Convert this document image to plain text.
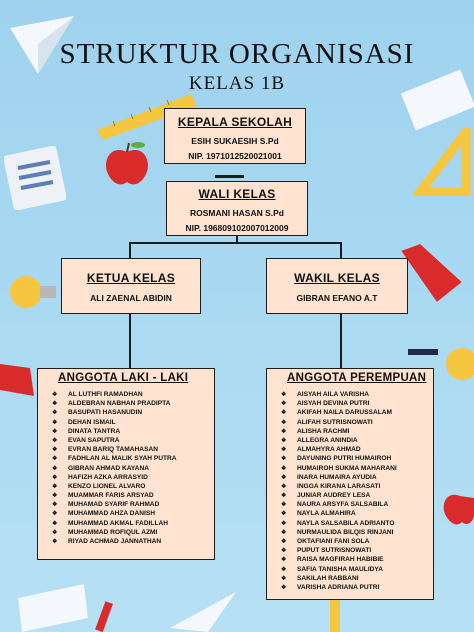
STRUKTUR ORGANISASI
KELAS 1B
KEPALA SEKOLAH
ESIH SUKAESIH S.Pd
NIP. 1971012520021001
WALI KELAS
ROSMANI HASAN S.Pd
NIP. 196809102007012009
KETUA KELAS
ALI ZAENAL ABIDIN
WAKIL KELAS
GIBRAN EFANO A.T
ANGGOTA LAKI - LAKI
❖ AL LUTHFI RAMADHAN
❖ ALDEBRAN NABHAN PRADIPTA
❖ BASUPATI HASANUDIN
❖ DEHAN ISMAIL
❖ DINATA TANTRA
❖ EVAN SAPUTRA
❖ EVRAN BARIQ TAMAHASAN
❖ FADHLAN AL MALIK SYAH PUTRA
❖ GIBRAN AHMAD KAYANA
❖ HAFIZH AZKA ARRASYID
❖ KENZO LIONEL ALVARO
❖ MUAMMAR FARIS ARSYAD
❖ MUHAMAD SYARIF RAHMAD
❖ MUHAMMAD AHZA DANISH
❖ MUHAMMAD AKMAL FADILLAH
❖ MUHAMMAD ROFIQUL AZMI
❖ RIYAD ACHMAD JANNATHAN
ANGGOTA PEREMPUAN
❖ AISYAH AILA VARISHA
❖ AISYAH DEVINA PUTRI
❖ AKIFAH NAILA DARUSSALAM
❖ ALIFAH SUTRISNOWATI
❖ ALISHA RACHMI
❖ ALLEGRA ANINDIA
❖ ALMAHYRA AHMAD
❖ DAYUNING PUTRI HUMAIROH
❖ HUMAIROH SUKMA MAHARANI
❖ INARA HUMAIRA AYUDIA
❖ INGGA KIRANA LARASATI
❖ JUNIAR AUDREY LESA
❖ NAURA ARSYFA SALSABILA
❖ NAYLA ALMAHIRA
❖ NAYLA SALSABILA ADRIANTO
❖ NURMAULIDA BILQIS RINJANI
❖ OKTAFIANI FANI SOLA
❖ PUPUT SUTRISNOWATI
❖ RAISA MAGFIRAH HABIBIE
❖ SAFIA TANISHA MAULIDYA
❖ SAKILAH RABBANI
❖ VARISHA ADRIANA PUTRI
